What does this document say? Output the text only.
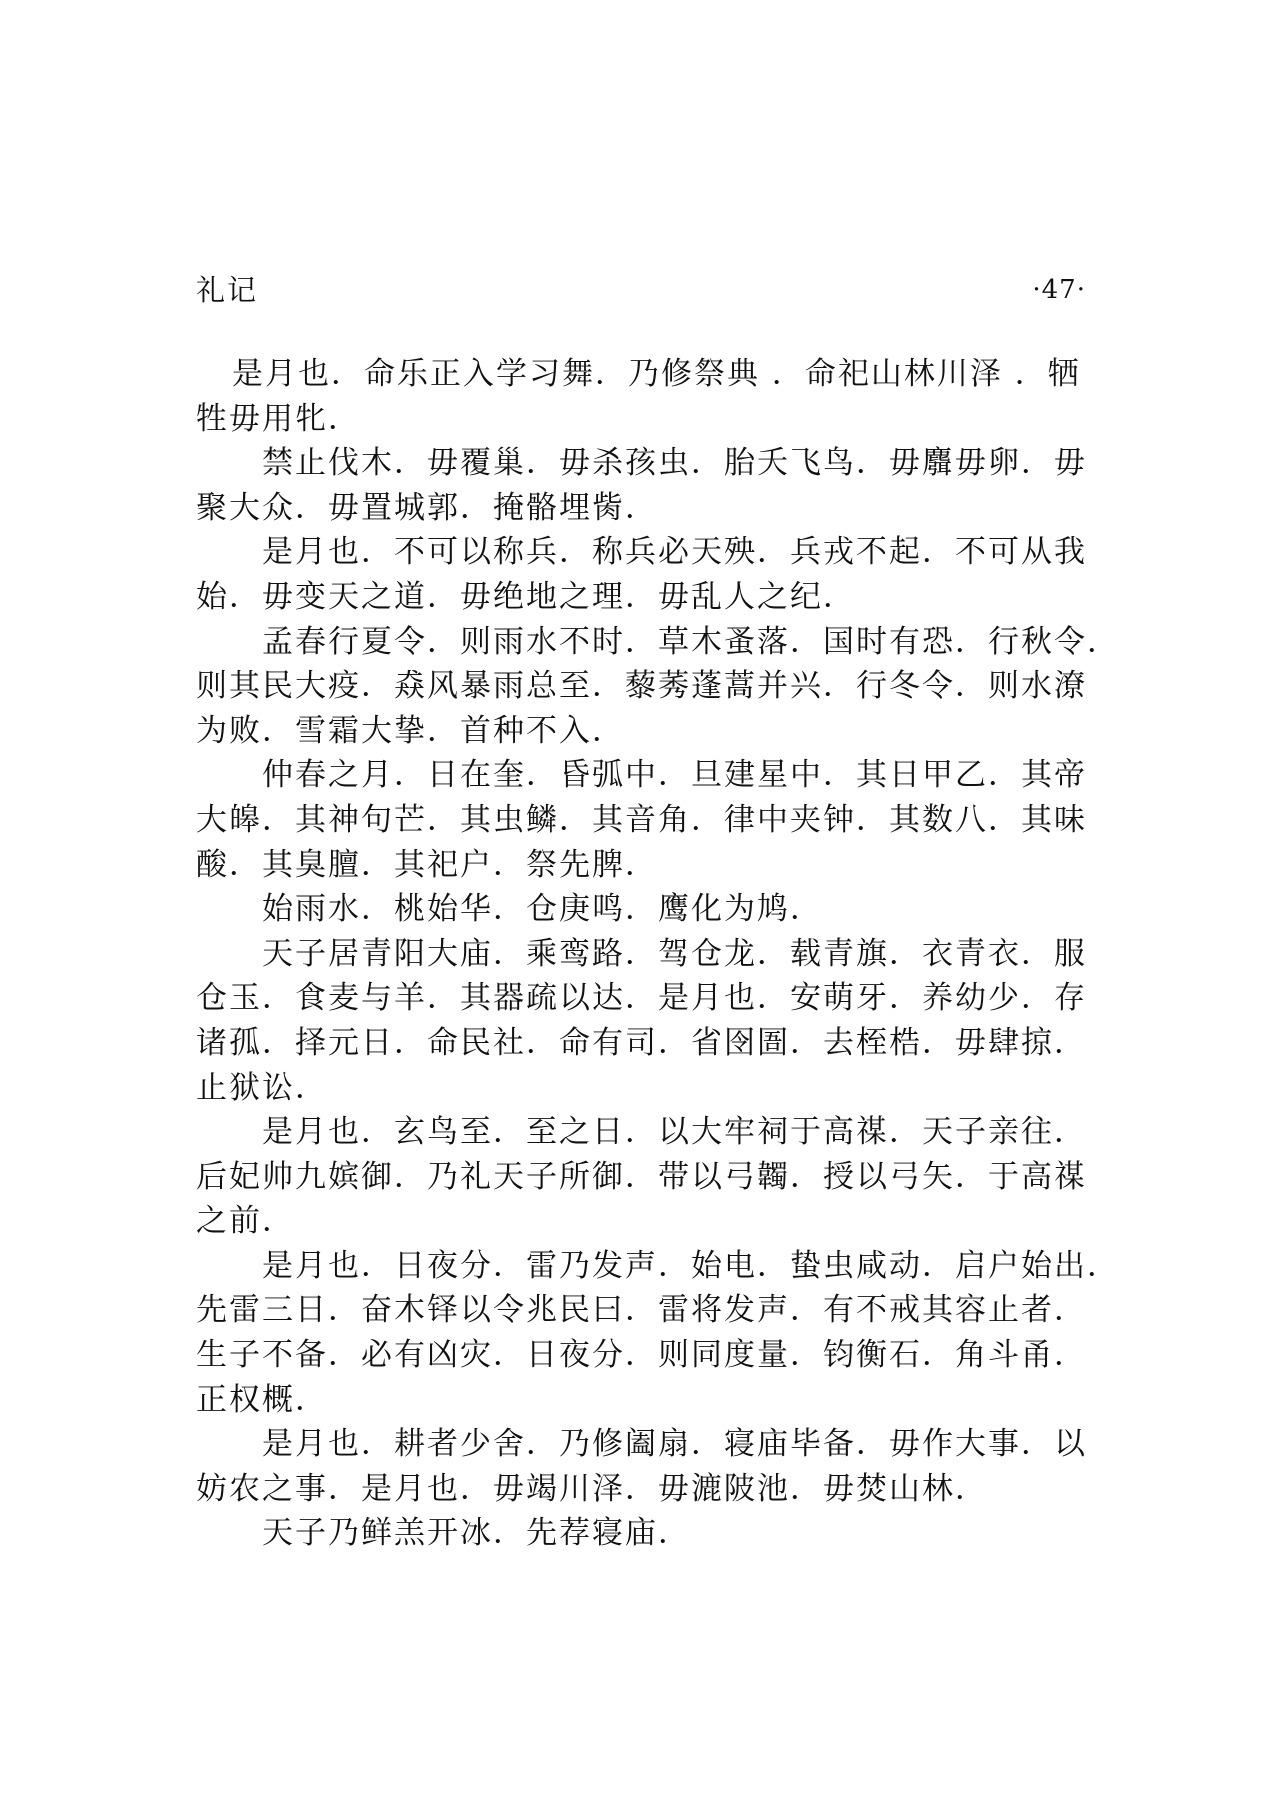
礼记	·47·

是月也．命乐正入学习舞．乃修祭典 ．命祀山林川泽 ．牺
牲毋用牝．

禁止伐木．毋覆巢．毋杀孩虫．胎夭飞鸟．毋麛毋卵．毋
聚大众．毋置城郭．掩骼埋胔．

是月也．不可以称兵．称兵必天殃．兵戎不起．不可从我
始．毋变天之道．毋绝地之理．毋乱人之纪．

孟春行夏令．则雨水不时．草木蚤落．国时有恐．行秋令．
则其民大疫．猋风暴雨总至．藜莠蓬蒿并兴．行冬令．则水潦
为败．雪霜大挚．首种不入．

仲春之月．日在奎．昏弧中．旦建星中．其日甲乙．其帝
大皞．其神句芒．其虫鳞．其音角．律中夹钟．其数八．其味
酸．其臭膻．其祀户．祭先脾．

始雨水．桃始华．仓庚鸣．鹰化为鸠．

天子居青阳大庙．乘鸾路．驾仓龙．载青旗．衣青衣．服
仓玉．食麦与羊．其器疏以达．是月也．安萌牙．养幼少．存
诸孤．择元日．命民社．命有司．省囹圄．去桎梏．毋肆掠．
止狱讼．

是月也．玄鸟至．至之日．以大牢祠于高禖．天子亲往．
后妃帅九嫔御．乃礼天子所御．带以弓韣．授以弓矢．于高禖
之前．

是月也．日夜分．雷乃发声．始电．蛰虫咸动．启户始出．
先雷三日．奋木铎以令兆民曰．雷将发声．有不戒其容止者．
生子不备．必有凶灾．日夜分．则同度量．钧衡石．角斗甬．
正权概．

是月也．耕者少舍．乃修阖扇．寝庙毕备．毋作大事．以
妨农之事．是月也．毋竭川泽．毋漉陂池．毋焚山林．

天子乃鲜羔开冰．先荐寝庙．
